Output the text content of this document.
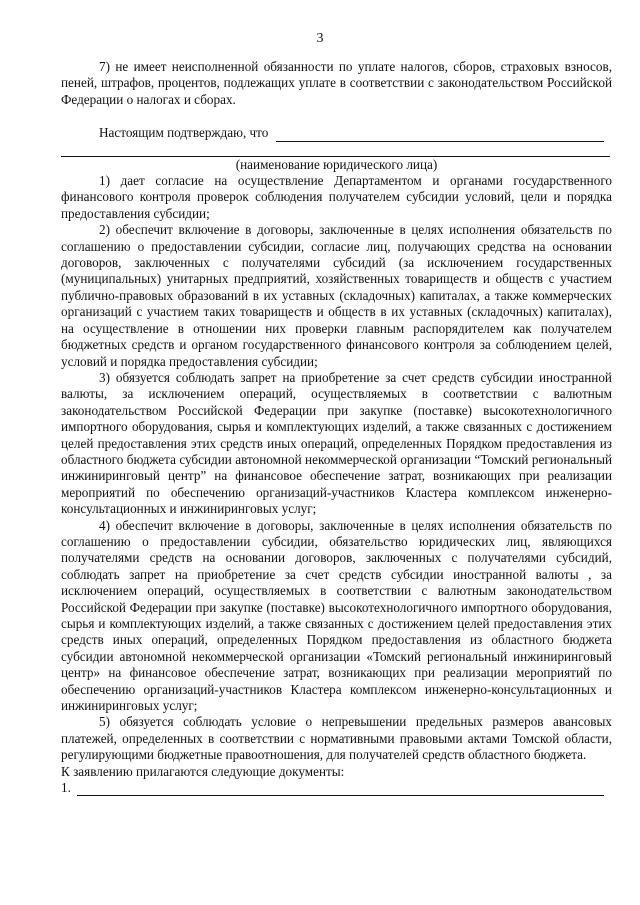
3

7) не имеет неисполненной обязанности по уплате налогов, сборов, страховых взносов, пеней, штрафов, процентов, подлежащих уплате в соответствии с законодательством Российской Федерации о налогах и сборах.

Настоящим подтверждаю, что

(наименование юридического лица)

1) дает согласие на осуществление Департаментом и органами государственного финансового контроля проверок соблюдения получателем субсидии условий, цели и порядка предоставления субсидии;

2) обеспечит включение в договоры, заключенные в целях исполнения обязательств по соглашению о предоставлении субсидии, согласие лиц, получающих средства на основании договоров, заключенных с получателями субсидий (за исключением государственных (муниципальных) унитарных предприятий, хозяйственных товариществ и обществ с участием публично-правовых образований в их уставных (складочных) капиталах, а также коммерческих организаций с участием таких товариществ и обществ в их уставных (складочных) капиталах), на осуществление в отношении них проверки главным распорядителем как получателем бюджетных средств и органом государственного финансового контроля за соблюдением целей, условий и порядка предоставления субсидии;

3) обязуется соблюдать запрет на приобретение за счет средств субсидии иностранной валюты, за исключением операций, осуществляемых в соответствии с валютным законодательством Российской Федерации при закупке (поставке) высокотехнологичного импортного оборудования, сырья и комплектующих изделий, а также связанных с достижением целей предоставления этих средств иных операций, определенных Порядком предоставления из областного бюджета субсидии автономной некоммерческой организации “Томский региональный инжиниринговый центр” на финансовое обеспечение затрат, возникающих при реализации мероприятий по обеспечению организаций-участников Кластера комплексом инженерно-консультационных и инжиниринговых услуг;

4) обеспечит включение в договоры, заключенные в целях исполнения обязательств по соглашению о предоставлении субсидии, обязательство юридических лиц, являющихся получателями средств на основании договоров, заключенных с получателями субсидий, соблюдать запрет на приобретение за счет средств субсидии иностранной валюты , за исключением операций, осуществляемых в соответствии с валютным законодательством Российской Федерации при закупке (поставке) высокотехнологичного импортного оборудования, сырья и комплектующих изделий, а также связанных с достижением целей предоставления этих средств иных операций, определенных Порядком предоставления из областного бюджета субсидии автономной некоммерческой организации «Томский региональный инжиниринговый центр» на финансовое обеспечение затрат, возникающих при реализации мероприятий по обеспечению организаций-участников Кластера комплексом инженерно-консультационных и инжиниринговых услуг;

5) обязуется соблюдать условие о непревышении предельных размеров авансовых платежей, определенных в соответствии с нормативными правовыми актами Томской области, регулирующими бюджетные правоотношения, для получателей средств областного бюджета.

К заявлению прилагаются следующие документы:

1.
